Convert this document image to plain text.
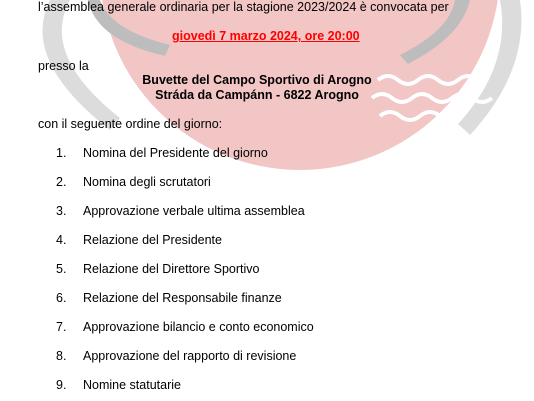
l’assemblea generale ordinaria per la stagione 2023/2024 è convocata per
giovedì 7 marzo 2024, ore 20:00
presso la
Buvette del Campo Sportivo di Arogno
Stráda da Campánn - 6822 Arogno
con il seguente ordine del giorno:
1. Nomina del Presidente del giorno
2. Nomina degli scrutatori
3. Approvazione verbale ultima assemblea
4. Relazione del Presidente
5. Relazione del Direttore Sportivo
6. Relazione del Responsabile finanze
7. Approvazione bilancio e conto economico
8. Approvazione del rapporto di revisione
9. Nomine statutarie
